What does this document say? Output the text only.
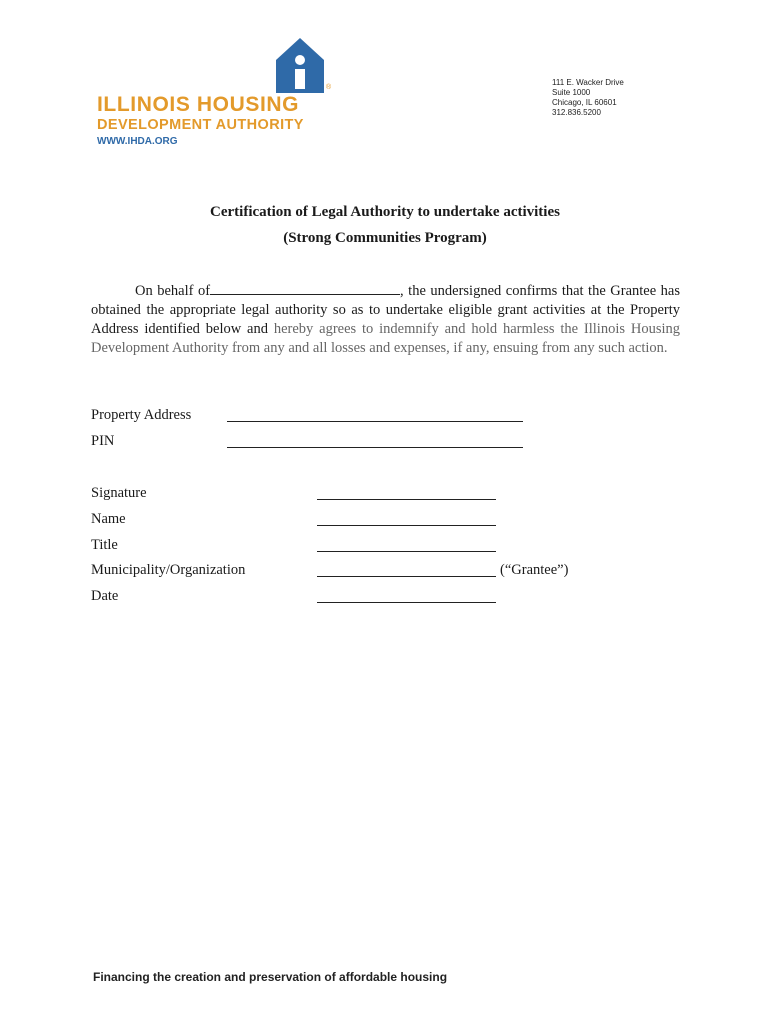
®
ILLINOIS HOUSING
DEVELOPMENT AUTHORITY
WWW.IHDA.ORG
111 E. Wacker Drive
Suite 1000
Chicago, IL 60601
312.836.5200
Certification of Legal Authority to undertake activities
(Strong Communities Program)
On behalf of	, the undersigned confirms that the Grantee has obtained the appropriate legal authority so as to undertake eligible grant activities at the Property Address identified below and hereby agrees to indemnify and hold harmless the Illinois Housing Development Authority from any and all losses and expenses, if any, ensuing from any such action.
Property Address
PIN
Signature
Name
Title
Municipality/Organization	(“Grantee”)
Date
Financing the creation and preservation of affordable housing
